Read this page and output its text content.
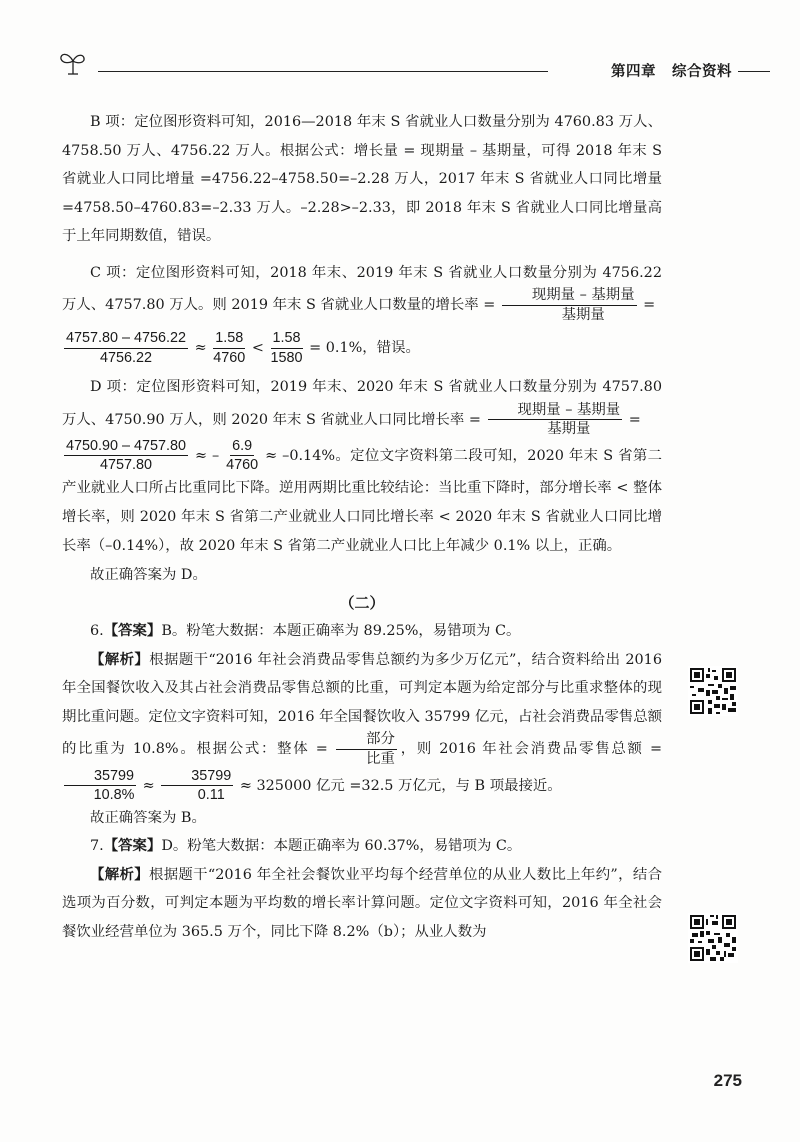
第四章 综合资料

B 项：定位图形资料可知，2016—2018 年末 S 省就业人口数量分别为 4760.83 万人、4758.50 万人、4756.22 万人。根据公式：增长量 = 现期量 – 基期量，可得 2018 年末 S 省就业人口同比增量 =4756.22–4758.50=–2.28 万人，2017 年末 S 省就业人口同比增量 =4758.50–4760.83=–2.33 万人。–2.28>–2.33，即 2018 年末 S 省就业人口同比增量高于上年同期数值，错误。

C 项：定位图形资料可知，2018 年末、2019 年末 S 省就业人口数量分别为 4756.22 万人、4757.80 万人。则 2019 年末 S 省就业人口数量的增长率 = $\frac{\text{现期量 – 基期量}}{\text{基期量}}$ =

$\frac{4757.80 - 4756.22}{4756.22} \approx \frac{1.58}{4760} < \frac{1.58}{1580} = 0.1\%$，错误。

D 项：定位图形资料可知，2019 年末、2020 年末 S 省就业人口数量分别为 4757.80 万人、4750.90 万人，则 2020 年末 S 省就业人口同比增长率 = $\frac{\text{现期量 – 基期量}}{\text{基期量}}$ =

$\frac{4750.90 - 4757.80}{4757.80}$ ≈ – $\frac{6.9}{4760} \approx -0.14\%$。定位文字资料第二段可知，2020 年末 S 省第二产业就业人口所占比重同比下降。逆用两期比重比较结论：当比重下降时，部分增长率 < 整体增长率，则 2020 年末 S 省第二产业就业人口同比增长率 < 2020 年末 S 省就业人口同比增长率（–0.14%），故 2020 年末 S 省第二产业就业人口比上年减少 0.1% 以上，正确。

故正确答案为 D。

（二）

6.【答案】B。粉笔大数据：本题正确率为 89.25%，易错项为 C。

【解析】根据题干“2016 年社会消费品零售总额约为多少万亿元”，结合资料给出 2016 年全国餐饮收入及其占社会消费品零售总额的比重，可判定本题为给定部分与比重求整体的现期比重问题。定位文字资料可知，2016 年全国餐饮收入 35799 亿元，占社会消费品零售总额的比重为 10.8%。根据公式：整体 = $\frac{\text{部分}}{\text{比重}}$ ，则 2016 年社会消费品零售总额 =
$\frac{35799}{10.8\%} \approx \frac{35799}{0.11} \approx 325000$ 亿元 =32.5 万亿元，与 B 项最接近。

故正确答案为 B。

7.【答案】D。粉笔大数据：本题正确率为 60.37%，易错项为 C。

【解析】根据题干“2016 年全社会餐饮业平均每个经营单位的从业人数比上年约”，结合选项为百分数，可判定本题为平均数的增长率计算问题。定位文字资料可知，2016 年全社会餐饮业经营单位为 365.5 万个，同比下降 8.2%（b）；从业人数为

275
